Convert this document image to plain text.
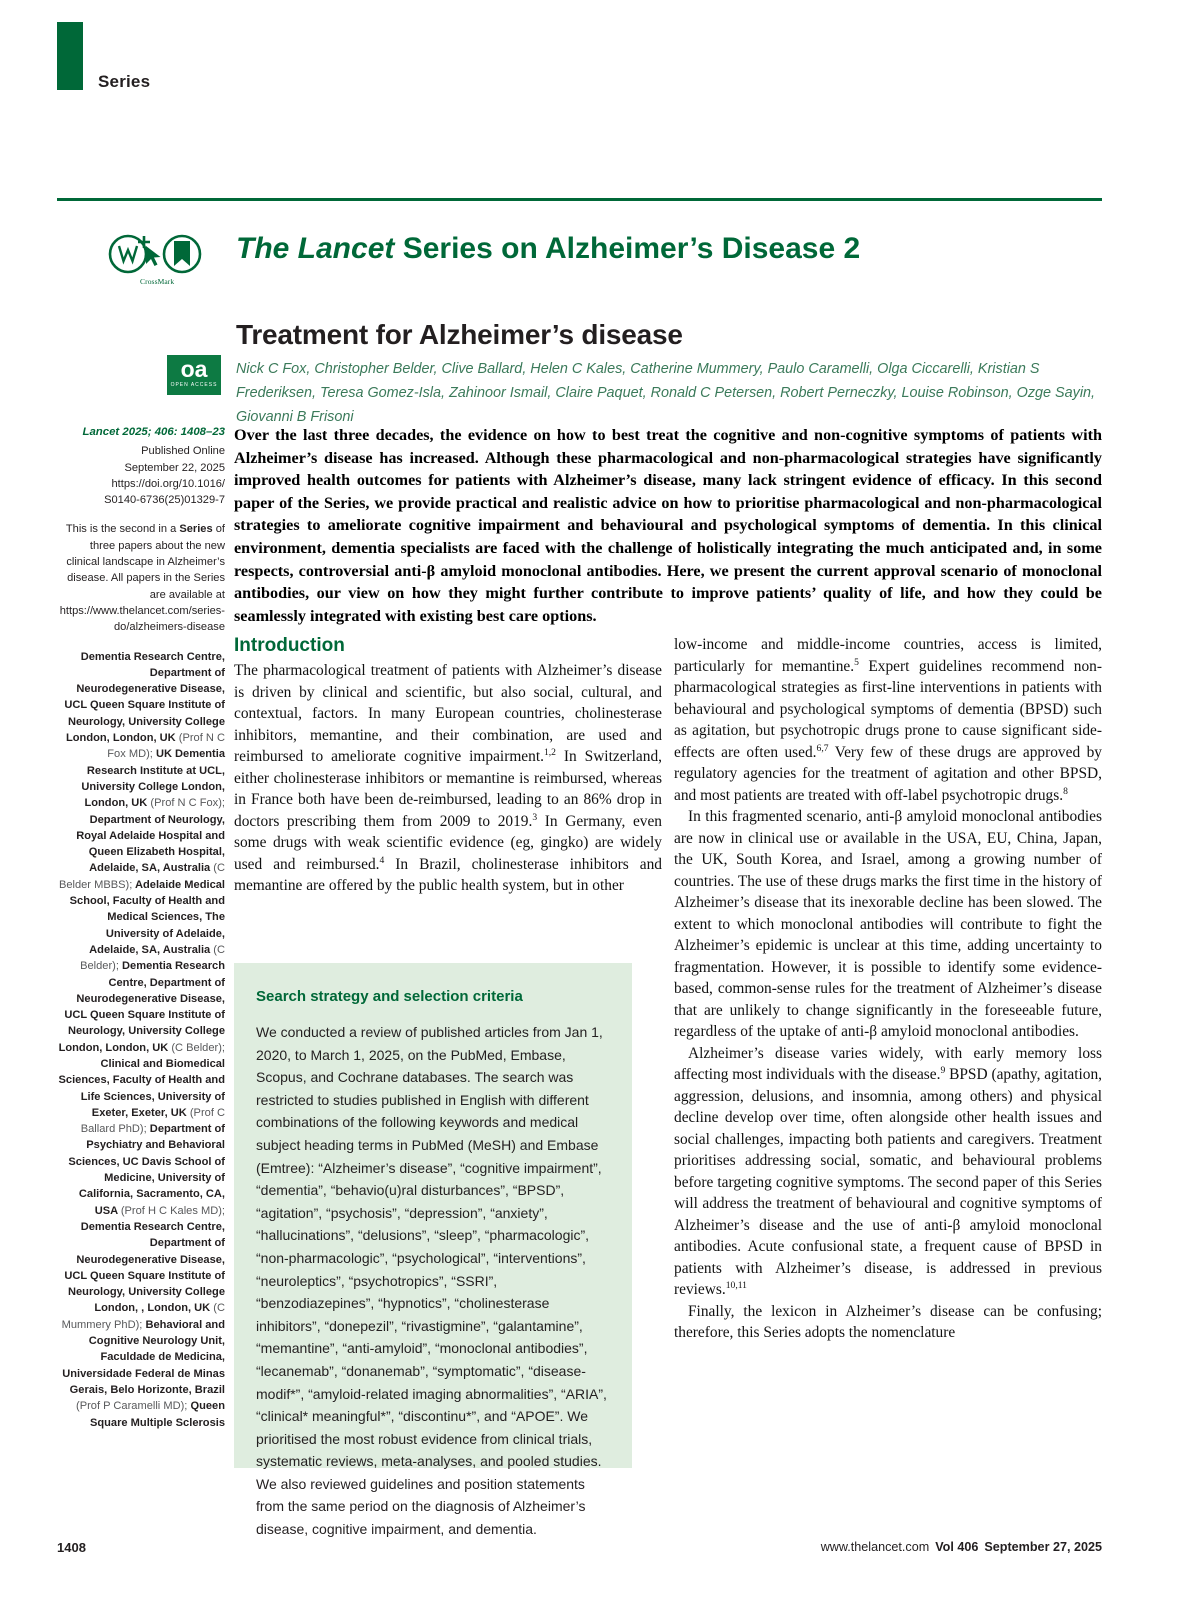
Series
CrossMark
The Lancet Series on Alzheimer’s Disease 2
Treatment for Alzheimer’s disease
oa
OPEN ACCESS
Nick C Fox, Christopher Belder, Clive Ballard, Helen C Kales, Catherine Mummery, Paulo Caramelli, Olga Ciccarelli, Kristian S Frederiksen, Teresa Gomez-Isla, Zahinoor Ismail, Claire Paquet, Ronald C Petersen, Robert Perneczky, Louise Robinson, Ozge Sayin, Giovanni B Frisoni
Lancet 2025; 406: 1408–23
Published Online
September 22, 2025
https://doi.org/10.1016/
S0140-6736(25)01329-7
This is the second in a Series of three papers about the new clinical landscape in Alzheimer’s disease. All papers in the Series are available at https://www.thelancet.com/series-do/alzheimers-disease
Dementia Research Centre, Department of Neurodegenerative Disease, UCL Queen Square Institute of Neurology, University College London, London, UK (Prof N C Fox MD); UK Dementia Research Institute at UCL, University College London, London, UK (Prof N C Fox); Department of Neurology, Royal Adelaide Hospital and Queen Elizabeth Hospital, Adelaide, SA, Australia (C Belder MBBS); Adelaide Medical School, Faculty of Health and Medical Sciences, The University of Adelaide, Adelaide, SA, Australia (C Belder); Dementia Research Centre, Department of Neurodegenerative Disease, UCL Queen Square Institute of Neurology, University College London, London, UK (C Belder); Clinical and Biomedical Sciences, Faculty of Health and Life Sciences, University of Exeter, Exeter, UK (Prof C Ballard PhD); Department of Psychiatry and Behavioral Sciences, UC Davis School of Medicine, University of California, Sacramento, CA, USA (Prof H C Kales MD); Dementia Research Centre, Department of Neurodegenerative Disease, UCL Queen Square Institute of Neurology, University College London, , London, UK (C Mummery PhD); Behavioral and Cognitive Neurology Unit, Faculdade de Medicina, Universidade Federal de Minas Gerais, Belo Horizonte, Brazil (Prof P Caramelli MD); Queen Square Multiple Sclerosis
Over the last three decades, the evidence on how to best treat the cognitive and non-cognitive symptoms of patients with Alzheimer’s disease has increased. Although these pharmacological and non-pharmacological strategies have significantly improved health outcomes for patients with Alzheimer’s disease, many lack stringent evidence of efficacy. In this second paper of the Series, we provide practical and realistic advice on how to prioritise pharmacological and non-pharmacological strategies to ameliorate cognitive impairment and behavioural and psychological symptoms of dementia. In this clinical environment, dementia specialists are faced with the challenge of holistically integrating the much anticipated and, in some respects, controversial anti-β amyloid monoclonal antibodies. Here, we present the current approval scenario of monoclonal antibodies, our view on how they might further contribute to improve patients’ quality of life, and how they could be seamlessly integrated with existing best care options.
Introduction

The pharmacological treatment of patients with Alzheimer’s disease is driven by clinical and scientific, but also social, cultural, and contextual, factors. In many European countries, cholinesterase inhibitors, memantine, and their combination, are used and reimbursed to ameliorate cognitive impairment.$^{1,2}$ In Switzerland, either cholinesterase inhibitors or memantine is reimbursed, whereas in France both have been de-reimbursed, leading to an 86% drop in doctors prescribing them from 2009 to 2019.$^3$ In Germany, even some drugs with weak scientific evidence (eg, gingko) are widely used and reimbursed.$^4$ In Brazil, cholinesterase inhibitors and memantine are offered by the public health system, but in other

low-income and middle-income countries, access is limited, particularly for memantine.$^5$ Expert guidelines recommend non-pharmacological strategies as first-line interventions in patients with behavioural and psychological symptoms of dementia (BPSD) such as agitation, but psychotropic drugs prone to cause significant side-effects are often used.$^{6,7}$ Very few of these drugs are approved by regulatory agencies for the treatment of agitation and other BPSD, and most patients are treated with off-label psychotropic drugs.$^8$

In this fragmented scenario, anti-β amyloid monoclonal antibodies are now in clinical use or available in the USA, EU, China, Japan, the UK, South Korea, and Israel, among a growing number of countries. The use of these drugs marks the first time in the history of Alzheimer’s disease that its inexorable decline has been slowed. The extent to which monoclonal antibodies will contribute to fight the Alzheimer’s epidemic is unclear at this time, adding uncertainty to fragmentation. However, it is possible to identify some evidence-based, common-sense rules for the treatment of Alzheimer’s disease that are unlikely to change significantly in the foreseeable future, regardless of the uptake of anti-β amyloid monoclonal antibodies.

Alzheimer’s disease varies widely, with early memory loss affecting most individuals with the disease.$^9$ BPSD (apathy, agitation, aggression, delusions, and insomnia, among others) and physical decline develop over time, often alongside other health issues and social challenges, impacting both patients and caregivers. Treatment prioritises addressing social, somatic, and behavioural problems before targeting cognitive symptoms. The second paper of this Series will address the treatment of behavioural and cognitive symptoms of Alzheimer’s disease and the use of anti-β amyloid monoclonal antibodies. Acute confusional state, a frequent cause of BPSD in patients with Alzheimer’s disease, is addressed in previous reviews.$^{10,11}$

Finally, the lexicon in Alzheimer’s disease can be confusing; therefore, this Series adopts the nomenclature

Search strategy and selection criteria
We conducted a review of published articles from Jan 1, 2020, to March 1, 2025, on the PubMed, Embase, Scopus, and Cochrane databases. The search was restricted to studies published in English with different combinations of the following keywords and medical subject heading terms in PubMed (MeSH) and Embase (Emtree): “Alzheimer’s disease”, “cognitive impairment”, “dementia”, “behavio(u)ral disturbances”, “BPSD”, “agitation”, “psychosis”, “depression”, “anxiety”, “hallucinations”, “delusions”, “sleep”, “pharmacologic”, “non-pharmacologic”, “psychological”, “interventions”, “neuroleptics”, “psychotropics”, “SSRI”, “benzodiazepines”, “hypnotics”, “cholinesterase inhibitors”, “donepezil”, “rivastigmine”, “galantamine”, “memantine”, “anti-amyloid”, “monoclonal antibodies”, “lecanemab”, “donanemab”, “symptomatic”, “disease-modif*”, “amyloid-related imaging abnormalities”, “ARIA”, “clinical* meaningful*”, “discontinu*”, and “APOE”. We prioritised the most robust evidence from clinical trials, systematic reviews, meta-analyses, and pooled studies. We also reviewed guidelines and position statements from the same period on the diagnosis of Alzheimer’s disease, cognitive impairment, and dementia.
1408	www.thelancet.com Vol 406 September 27, 2025
